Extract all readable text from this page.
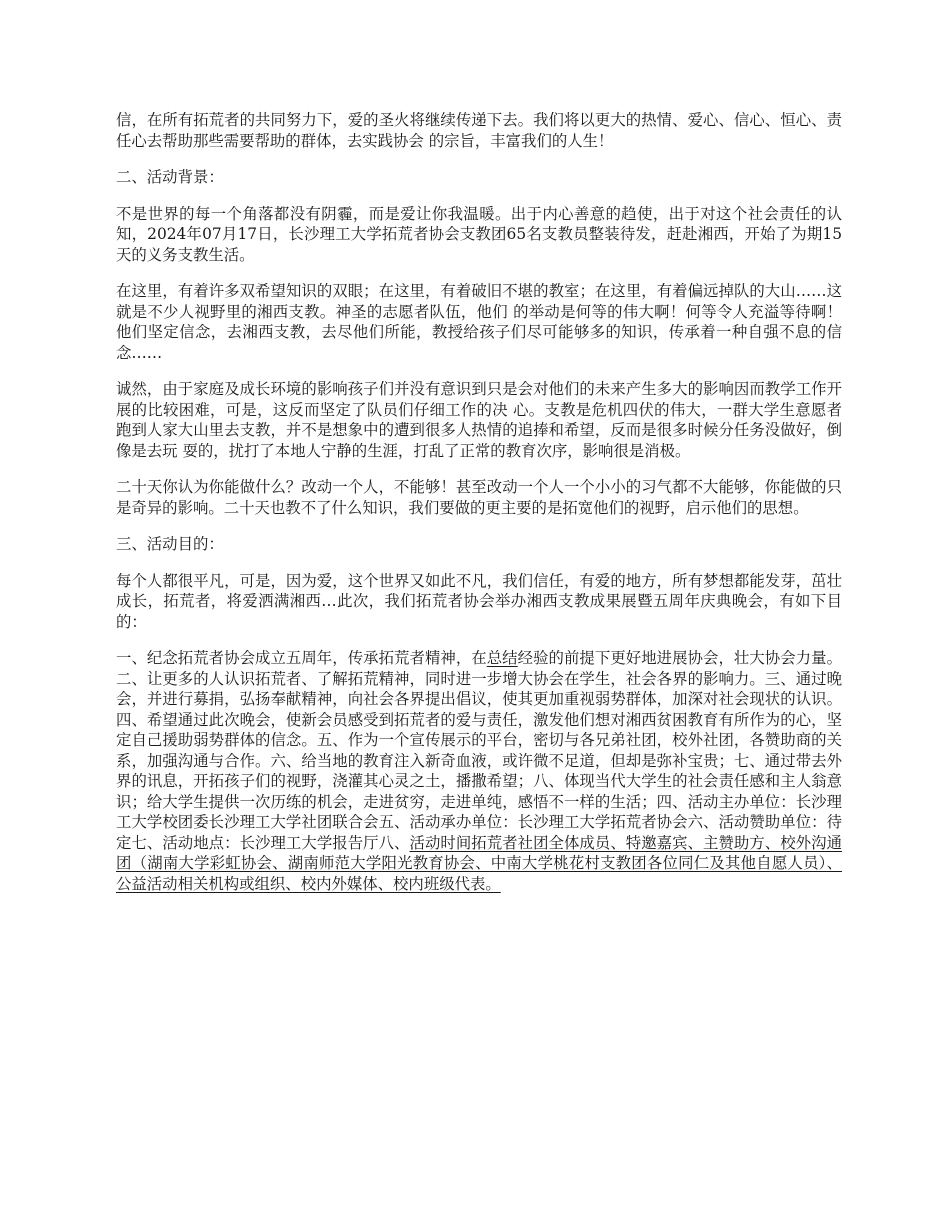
信，在所有拓荒者的共同努力下，爱的圣火将继续传递下去。我们将以更大的热情、爱心、信心、恒心、责任心去帮助那些需要帮助的群体，去实践协会 的宗旨，丰富我们的人生！

二、活动背景：

不是世界的每一个角落都没有阴霾，而是爱让你我温暖。出于内心善意的趋使，出于对这个社会责任的认知，2024年07月17日，长沙理工大学拓荒者协会支教团65名支教员整装待发，赶赴湘西，开始了为期15天的义务支教生活。

在这里，有着许多双希望知识的双眼；在这里，有着破旧不堪的教室；在这里，有着偏远掉队的大山……这就是不少人视野里的湘西支教。神圣的志愿者队伍，他们 的举动是何等的伟大啊！何等令人充溢等待啊！他们坚定信念，去湘西支教，去尽他们所能，教授给孩子们尽可能够多的知识，传承着一种自强不息的信念……

诚然，由于家庭及成长环境的影响孩子们并没有意识到只是会对他们的未来产生多大的影响因而教学工作开展的比较困难，可是，这反而坚定了队员们仔细工作的决 心。支教是危机四伏的伟大，一群大学生意愿者跑到人家大山里去支教，并不是想象中的遭到很多人热情的追捧和希望，反而是很多时候分任务没做好，倒像是去玩 耍的，扰打了本地人宁静的生涯，打乱了正常的教育次序，影响很是消极。

二十天你认为你能做什么？改动一个人，不能够！甚至改动一个人一个小小的习气都不大能够，你能做的只是奇异的影响。二十天也教不了什么知识，我们要做的更主要的是拓宽他们的视野，启示他们的思想。

三、活动目的：

每个人都很平凡，可是，因为爱，这个世界又如此不凡，我们信任，有爱的地方，所有梦想都能发芽，茁壮成长，拓荒者，将爱洒满湘西…此次，我们拓荒者协会举办湘西支教成果展暨五周年庆典晚会，有如下目的：

一、纪念拓荒者协会成立五周年，传承拓荒者精神，在总结经验的前提下更好地进展协会，壮大协会力量。二、让更多的人认识拓荒者、了解拓荒精神，同时进一步增大协会在学生，社会各界的影响力。三、通过晚会，并进行募捐，弘扬奉献精神，向社会各界提出倡议，使其更加重视弱势群体，加深对社会现状的认识。四、希望通过此次晚会，使新会员感受到拓荒者的爱与责任，激发他们想对湘西贫困教育有所作为的心，坚定自己援助弱势群体的信念。五、作为一个宣传展示的平台，密切与各兄弟社团，校外社团，各赞助商的关系，加强沟通与合作。六、给当地的教育注入新奇血液，或许微不足道，但却是弥补宝贵；七、通过带去外界的讯息，开拓孩子们的视野，浇灌其心灵之土，播撒希望；八、体现当代大学生的社会责任感和主人翁意识；给大学生提供一次历练的机会，走进贫穷，走进单纯，感悟不一样的生活；四、活动主办单位：长沙理工大学校团委长沙理工大学社团联合会五、活动承办单位：长沙理工大学拓荒者协会六、活动赞助单位：待定七、活动地点：长沙理工大学报告厅八、活动时间拓荒者社团全体成员、特邀嘉宾、主赞助方、校外沟通团（湖南大学彩虹协会、湖南师范大学阳光教育协会、中南大学桃花村支教团各位同仁及其他自愿人员）、公益活动相关机构或组织、校内外媒体、校内班级代表。
